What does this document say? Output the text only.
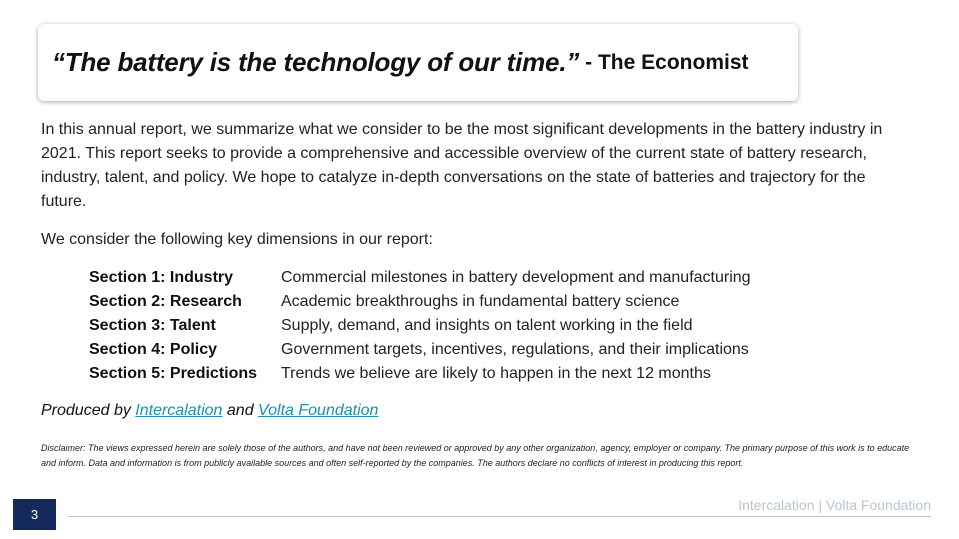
“The battery is the technology of our time.” - The Economist

In this annual report, we summarize what we consider to be the most significant developments in the battery industry in 2021. This report seeks to provide a comprehensive and accessible overview of the current state of battery research, industry, talent, and policy. We hope to catalyze in-depth conversations on the state of batteries and trajectory for the future.

We consider the following key dimensions in our report:

Section 1: Industry	Commercial milestones in battery development and manufacturing
Section 2: Research	Academic breakthroughs in fundamental battery science
Section 3: Talent	Supply, demand, and insights on talent working in the field
Section 4: Policy	Government targets, incentives, regulations, and their implications
Section 5: Predictions	Trends we believe are likely to happen in the next 12 months

Produced by Intercalation and Volta Foundation

Disclaimer: The views expressed herein are solely those of the authors, and have not been reviewed or approved by any other organization, agency, employer or company. The primary purpose of this work is to educate and inform. Data and information is from publicly available sources and often self-reported by the companies. The authors declare no conflicts of interest in producing this report.

3
Intercalation | Volta Foundation
